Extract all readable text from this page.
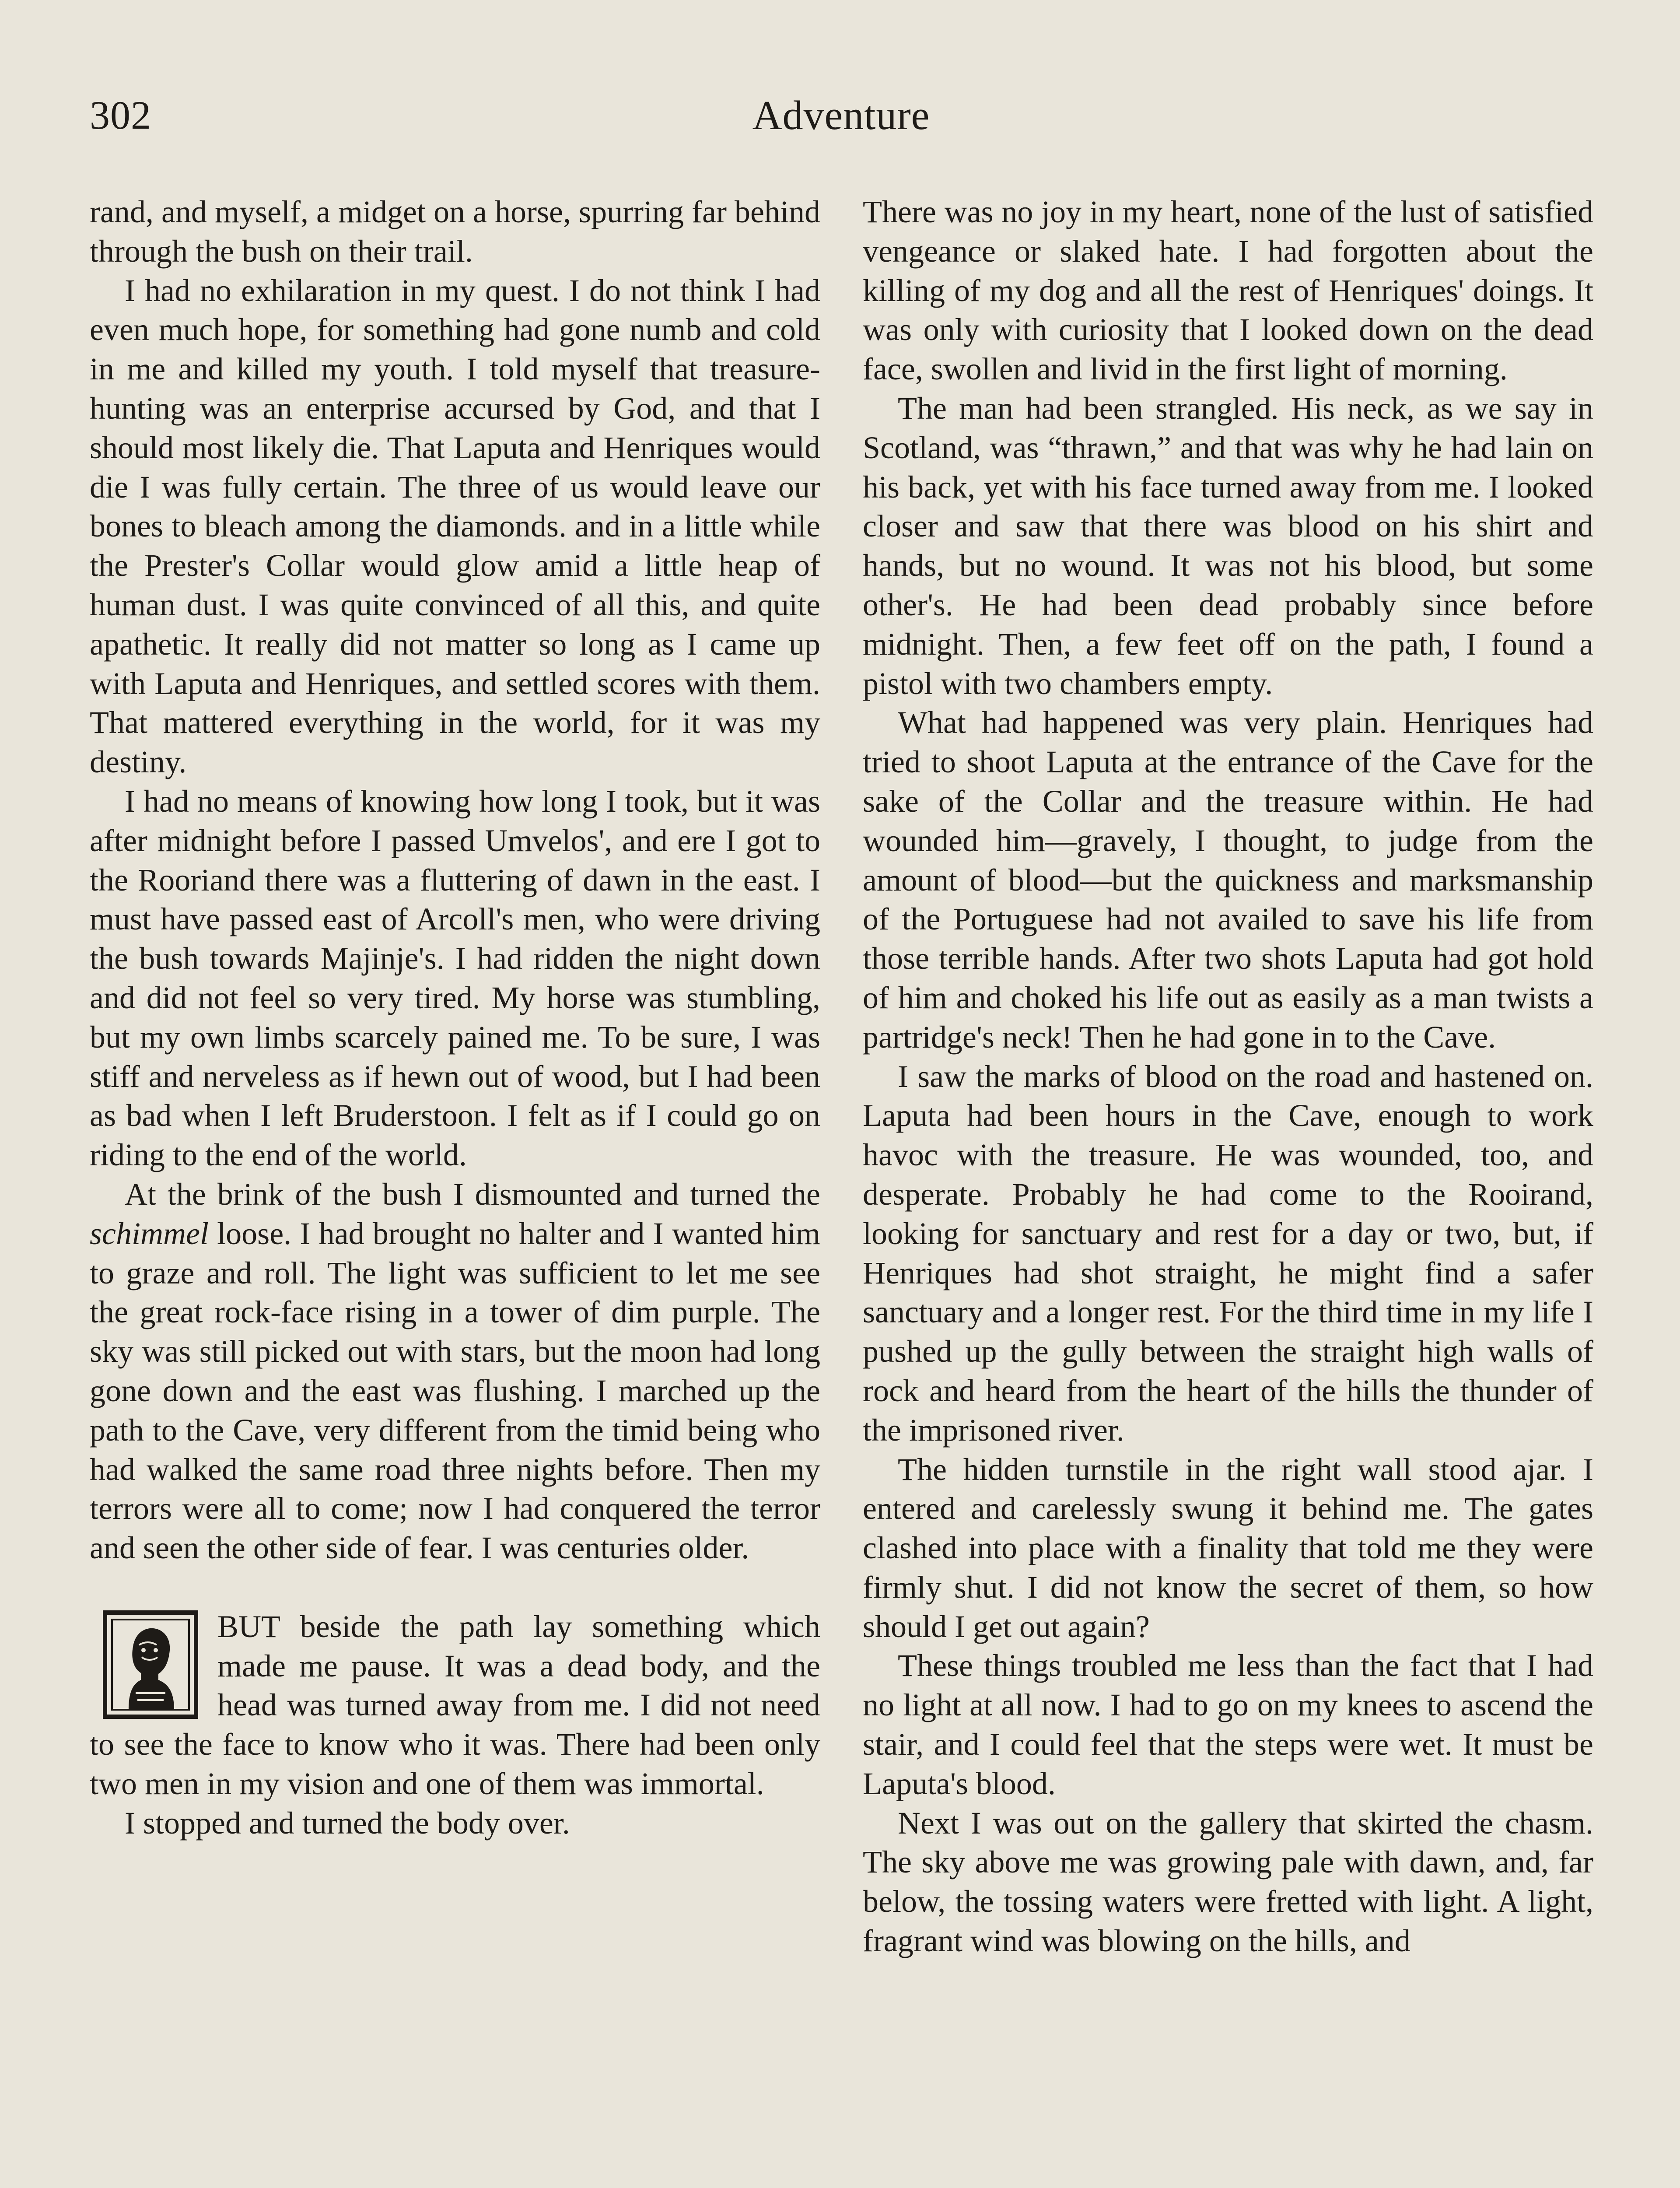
302	Adventure

rand, and myself, a midget on a horse, spurring far behind through the bush on their trail.

I had no exhilaration in my quest. I do not think I had even much hope, for something had gone numb and cold in me and killed my youth. I told myself that treasure-hunting was an enterprise accursed by God, and that I should most likely die. That Laputa and Henriques would die I was fully certain. The three of us would leave our bones to bleach among the diamonds. and in a little while the Prester's Collar would glow amid a little heap of human dust. I was quite convinced of all this, and quite apathetic. It really did not matter so long as I came up with Laputa and Henriques, and settled scores with them. That mattered everything in the world, for it was my destiny.

I had no means of knowing how long I took, but it was after midnight before I passed Umvelos', and ere I got to the Rooriand there was a fluttering of dawn in the east. I must have passed east of Arcoll's men, who were driving the bush towards Majinje's. I had ridden the night down and did not feel so very tired. My horse was stumbling, but my own limbs scarcely pained me. To be sure, I was stiff and nerveless as if hewn out of wood, but I had been as bad when I left Bruderstoon. I felt as if I could go on riding to the end of the world.

At the brink of the bush I dismounted and turned the schimmel loose. I had brought no halter and I wanted him to graze and roll. The light was sufficient to let me see the great rock-face rising in a tower of dim purple. The sky was still picked out with stars, but the moon had long gone down and the east was flushing. I marched up the path to the Cave, very different from the timid being who had walked the same road three nights before. Then my terrors were all to come; now I had conquered the terror and seen the other side of fear. I was centuries older.

BUT beside the path lay something which made me pause. It was a dead body, and the head was turned away from me. I did not need to see the face to know who it was. There had been only two men in my vision and one of them was immortal.

I stopped and turned the body over.

There was no joy in my heart, none of the lust of satisfied vengeance or slaked hate. I had forgotten about the killing of my dog and all the rest of Henriques' doings. It was only with curiosity that I looked down on the dead face, swollen and livid in the first light of morning.

The man had been strangled. His neck, as we say in Scotland, was “thrawn,” and that was why he had lain on his back, yet with his face turned away from me. I looked closer and saw that there was blood on his shirt and hands, but no wound. It was not his blood, but some other's. He had been dead probably since before midnight. Then, a few feet off on the path, I found a pistol with two chambers empty.

What had happened was very plain. Henriques had tried to shoot Laputa at the entrance of the Cave for the sake of the Collar and the treasure within. He had wounded him—gravely, I thought, to judge from the amount of blood—but the quickness and marksmanship of the Portuguese had not availed to save his life from those terrible hands. After two shots Laputa had got hold of him and choked his life out as easily as a man twists a partridge's neck! Then he had gone in to the Cave.

I saw the marks of blood on the road and hastened on. Laputa had been hours in the Cave, enough to work havoc with the treasure. He was wounded, too, and desperate. Probably he had come to the Rooirand, looking for sanctuary and rest for a day or two, but, if Henriques had shot straight, he might find a safer sanctuary and a longer rest. For the third time in my life I pushed up the gully between the straight high walls of rock and heard from the heart of the hills the thunder of the imprisoned river.

The hidden turnstile in the right wall stood ajar. I entered and carelessly swung it behind me. The gates clashed into place with a finality that told me they were firmly shut. I did not know the secret of them, so how should I get out again?

These things troubled me less than the fact that I had no light at all now. I had to go on my knees to ascend the stair, and I could feel that the steps were wet. It must be Laputa's blood.

Next I was out on the gallery that skirted the chasm. The sky above me was growing pale with dawn, and, far below, the tossing waters were fretted with light. A light, fragrant wind was blowing on the hills, and
